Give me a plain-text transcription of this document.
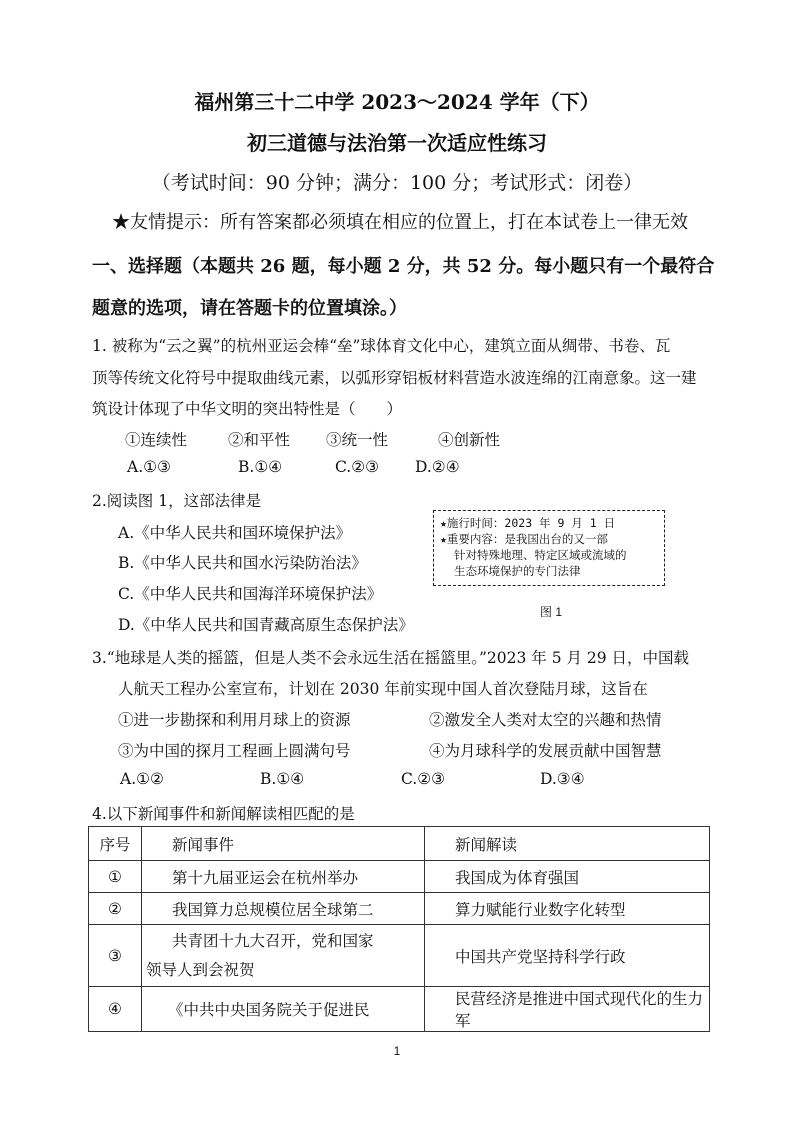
福州第三十二中学 2023～2024 学年（下）
初三道德与法治第一次适应性练习
（考试时间：90 分钟；满分：100 分；考试形式：闭卷）
★友情提示：所有答案都必须填在相应的位置上，打在本试卷上一律无效
一、选择题（本题共 26 题，每小题 2 分，共 52 分。每小题只有一个最符合
题意的选项，请在答题卡的位置填涂。）
1. 被称为“云之翼”的杭州亚运会棒“垒”球体育文化中心，建筑立面从绸带、书卷、瓦
顶等传统文化符号中提取曲线元素，以弧形穿铝板材料营造水波连绵的江南意象。这一建
筑设计体现了中华文明的突出特性是（　　）
①连续性	②和平性 ③统一性	④创新性
A.①③	B.①④	C.②③ D.②④
2.阅读图 1，这部法律是
A.《中华人民共和国环境保护法》
B.《中华人民共和国水污染防治法》
C.《中华人民共和国海洋环境保护法》
D.《中华人民共和国青藏高原生态保护法》
★施行时间：2023 年 9 月 1 日
★重要内容：是我国出台的又一部
针对特殊地理、特定区域或流域的
生态环境保护的专门法律
图 1
3.“地球是人类的摇篮，但是人类不会永远生活在摇篮里。”2023 年 5 月 29 日，中国载
人航天工程办公室宣布，计划在 2030 年前实现中国人首次登陆月球，这旨在
①进一步勘探和利用月球上的资源	②激发全人类对太空的兴趣和热情
③为中国的探月工程画上圆满句号	④为月球科学的发展贡献中国智慧
A.①②	B.①④	C.②③	D.③④
4.以下新闻事件和新闻解读相匹配的是
序号	新闻事件	新闻解读
①	第十九届亚运会在杭州举办	我国成为体育强国
②	我国算力总规模位居全球第二	算力赋能行业数字化转型
③	共青团十九大召开，党和国家
领导人到会祝贺	中国共产党坚持科学行政
④	《中共中央国务院关于促进民	民营经济是推进中国式现代化的生力军
1
